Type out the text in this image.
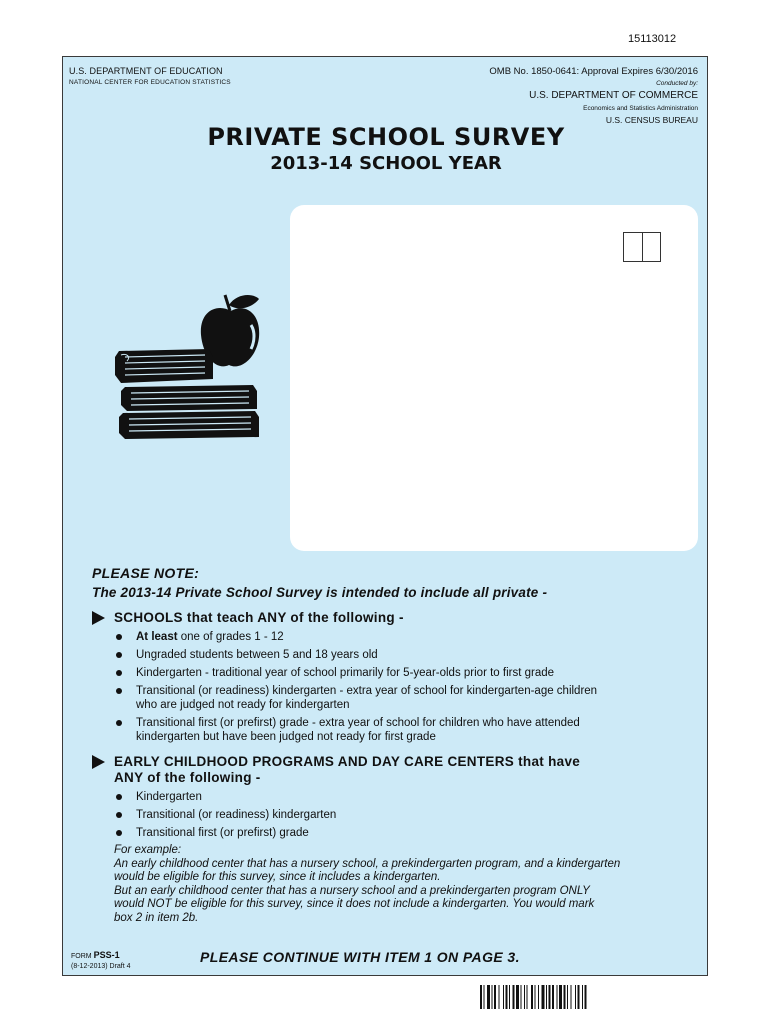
15113012
U.S. DEPARTMENT OF EDUCATION
NATIONAL CENTER FOR EDUCATION STATISTICS
OMB No. 1850-0641: Approval Expires 6/30/2016
Conducted by:
U.S. DEPARTMENT OF COMMERCE
Economics and Statistics Administration
U.S. CENSUS BUREAU
PRIVATE SCHOOL SURVEY
2013-14 SCHOOL YEAR
PLEASE NOTE:
The 2013-14 Private School Survey is intended to include all private -
SCHOOLS that teach ANY of the following -
At least one of grades 1 - 12
Ungraded students between 5 and 18 years old
Kindergarten - traditional year of school primarily for 5-year-olds prior to first grade
Transitional (or readiness) kindergarten - extra year of school for kindergarten-age children
who are judged not ready for kindergarten
Transitional first (or prefirst) grade - extra year of school for children who have attended
kindergarten but have been judged not ready for first grade
EARLY CHILDHOOD PROGRAMS AND DAY CARE CENTERS that have
ANY of the following -
Kindergarten
Transitional (or readiness) kindergarten
Transitional first (or prefirst) grade
For example:
An early childhood center that has a nursery school, a prekindergarten program, and a kindergarten
would be eligible for this survey, since it includes a kindergarten.
But an early childhood center that has a nursery school and a prekindergarten program ONLY
would NOT be eligible for this survey, since it does not include a kindergarten. You would mark
box 2 in item 2b.
FORM PSS-1
(8-12-2013) Draft 4
PLEASE CONTINUE WITH ITEM 1 ON PAGE 3.
